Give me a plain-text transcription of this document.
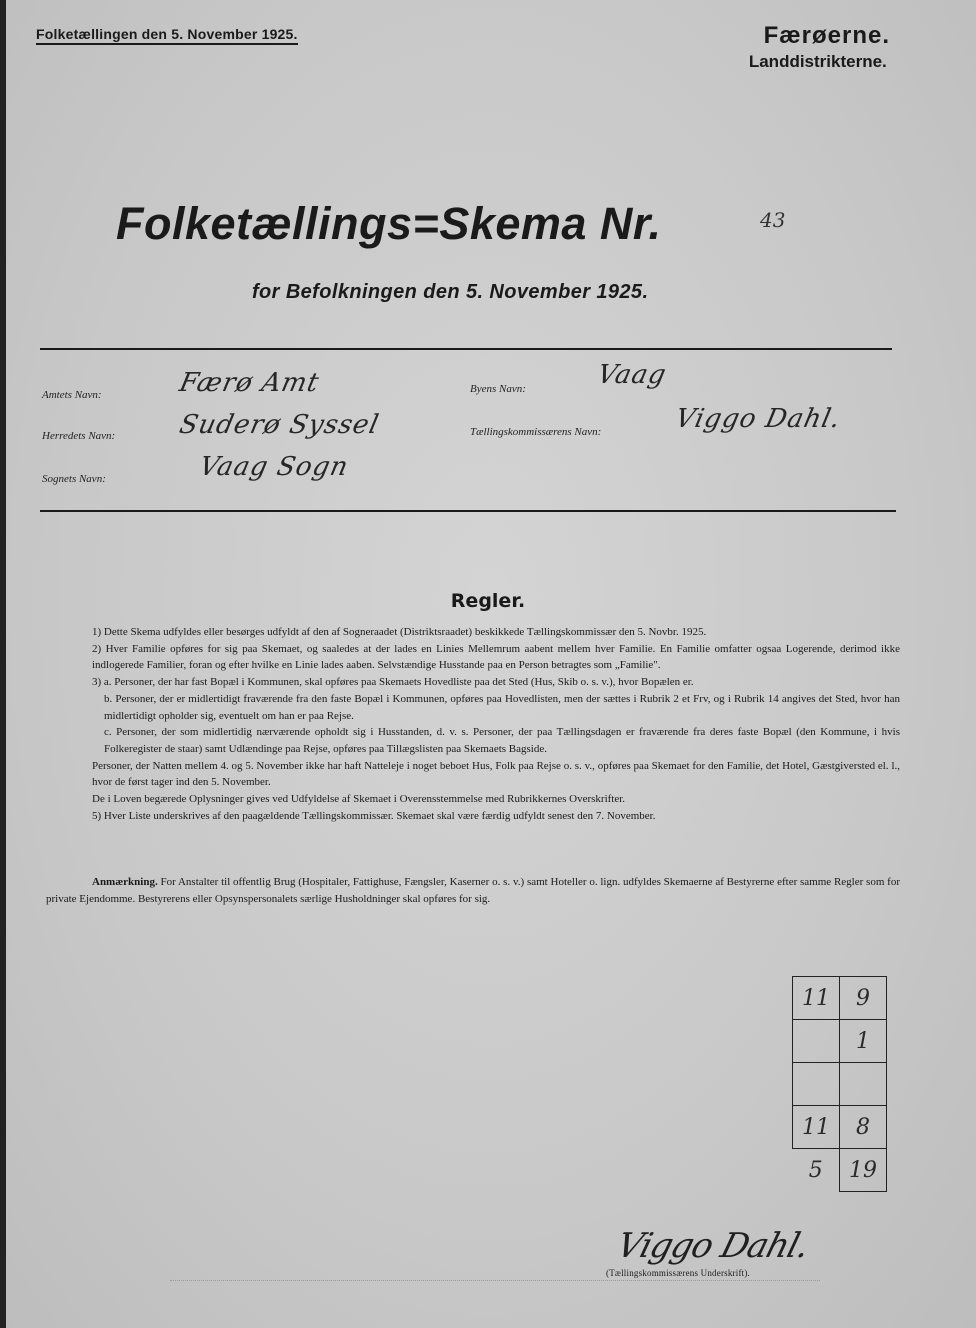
Folketællingen den 5. November 1925.	Færøerne.
Landdistrikterne.
Folketællings=Skema Nr.	43
for Befolkningen den 5. November 1925.
Amtets Navn:	Færø Amt
Herredets Navn: Suderø Syssel
Sognets Navn:	Vaag Sogn
Byens Navn:	Vaag
Tællingskommissærens Navn:	Viggo Dahl.
Regler.

1) Dette Skema udfyldes eller besørges udfyldt af den af Sogneraadet (Distriktsraadet) beskikkede Tællingskommissær den 5. Novbr. 1925.

2) Hver Familie opføres for sig paa Skemaet, og saaledes at der lades en Linies Mellemrum aabent mellem hver Familie. En Familie omfatter ogsaa Logerende, derimod ikke indlogerede Familier, foran og efter hvilke en Linie lades aaben. Selvstændige Husstande paa en Person betragtes som „Familie".

3) a. Personer, der har fast Bopæl i Kommunen, skal opføres paa Skemaets Hovedliste paa det Sted (Hus, Skib o. s. v.), hvor Bopælen er.

b. Personer, der er midlertidigt fraværende fra den faste Bopæl i Kommunen, opføres paa Hovedlisten, men der sættes i Rubrik 2 et Frv, og i Rubrik 14 angives det Sted, hvor han midlertidigt opholder sig, eventuelt om han er paa Rejse.

c. Personer, der som midlertidig nærværende opholdt sig i Husstanden, d. v. s. Personer, der paa Tællingsdagen er fraværende fra deres faste Bopæl (den Kommune, i hvis Folkeregister de staar) samt Udlændinge paa Rejse, opføres paa Tillægslisten paa Skemaets Bagside.

Personer, der Natten mellem 4. og 5. November ikke har haft Natteleje i noget beboet Hus, Folk paa Rejse o. s. v., opføres paa Skemaet for den Familie, det Hotel, Gæstgiversted el. l., hvor de først tager ind den 5. November.

De i Loven begærede Oplysninger gives ved Udfyldelse af Skemaet i Overensstemmelse med Rubrikkernes Overskrifter.

5) Hver Liste underskrives af den paagældende Tællingskommissær. Skemaet skal være færdig udfyldt senest den 7. November.

Anmærkning. For Anstalter til offentlig Brug (Hospitaler, Fattighuse, Fængsler, Kaserner o. s. v.) samt Hoteller o. lign. udfyldes Skemaerne af Bestyrerne efter samme Regler som for private Ejendomme. Bestyrerens eller Opsynspersonalets særlige Husholdninger skal opføres for sig.
11	9
	1

11	8
5	19
Viggo Dahl.
(Tællingskommissærens Underskrift).
